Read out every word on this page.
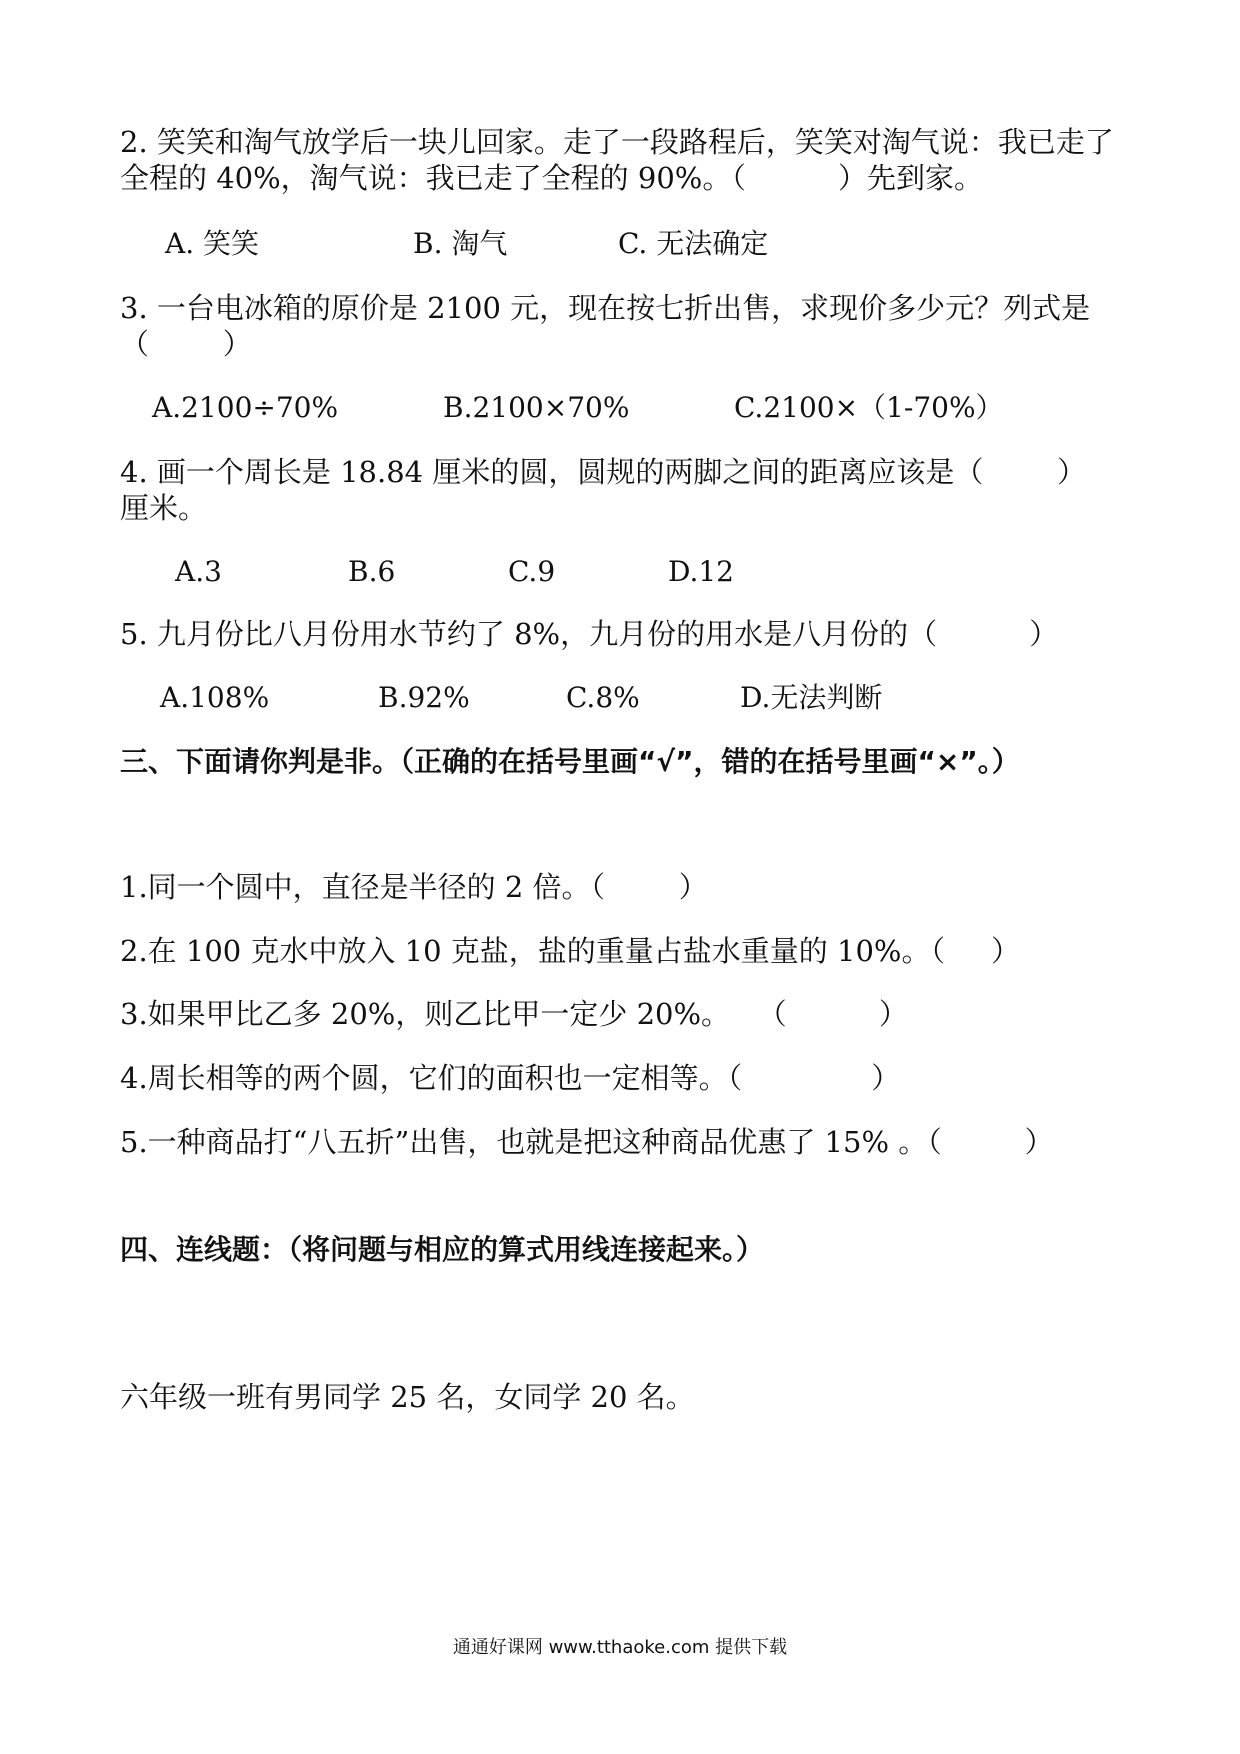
2. 笑笑和淘气放学后一块儿回家。走了一段路程后，笑笑对淘气说：我已走了
全程的 40%，淘气说：我已走了全程的 90%。（          ）先到家。
A. 笑笑	B. 淘气	C. 无法确定
3. 一台电冰箱的原价是 2100 元，现在按七折出售，求现价多少元？列式是
（        ）
A.2100÷70%	B.2100×70%	C.2100×（1-70%）
4. 画一个周长是 18.84 厘米的圆，圆规的两脚之间的距离应该是（        ）
厘米。
A.3	B.6	C.9	D.12
5. 九月份比八月份用水节约了 8%，九月份的用水是八月份的（          ）
A.108%	B.92%	C.8%	D.无法判断
三、下面请你判是非。（正确的在括号里画“√”，错的在括号里画“×”。）
1.同一个圆中，直径是半径的 2 倍。（        ）
2.在 100 克水中放入 10 克盐，盐的重量占盐水重量的 10%。（     ）
3.如果甲比乙多 20%，则乙比甲一定少 20%。   （          ）
4.周长相等的两个圆，它们的面积也一定相等。（              ）
5.一种商品打“八五折”出售，也就是把这种商品优惠了 15% 。（         ）
四、连线题：（将问题与相应的算式用线连接起来。）
六年级一班有男同学 25 名，女同学 20 名。
通通好课网 www.tthaoke.com 提供下载
